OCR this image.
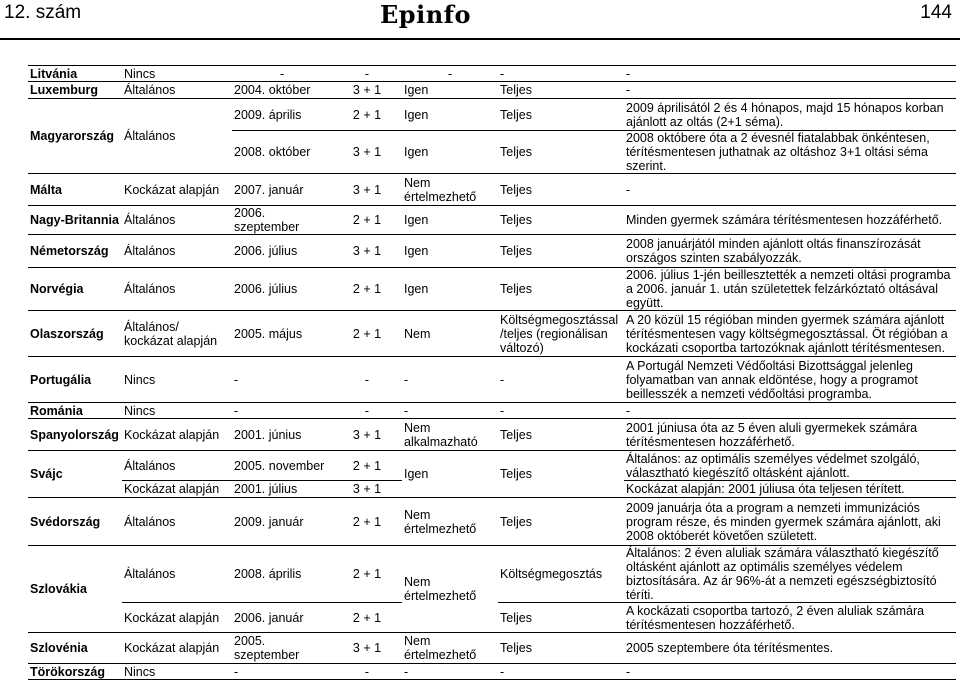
12. szám	Epinfo	144
Litvánia	Nincs	-	-	-	-	-
Luxemburg	Általános	2004. október	3 + 1	Igen	Teljes	-
Magyarország	Általános	2009. április	2 + 1	Igen	Teljes	2009 áprilisától 2 és 4 hónapos, majd 15 hónapos korban ajánlott az oltás (2+1 séma).
		2008. október	3 + 1	Igen	Teljes	2008 októbere óta a 2 évesnél fiatalabbak önkéntesen, térítésmentesen juthatnak az oltáshoz 3+1 oltási séma szerint.
Málta	Kockázat alapján	2007. január	3 + 1	Nem értelmezhető	Teljes	-
Nagy-Britannia	Általános	2006. szeptember	2 + 1	Igen	Teljes	Minden gyermek számára térítésmentesen hozzáférhető.
Németország	Általános	2006. július	3 + 1	Igen	Teljes	2008 januárjától minden ajánlott oltás finanszírozását országos szinten szabályozzák.
Norvégia	Általános	2006. július	2 + 1	Igen	Teljes	2006. július 1-jén beillesztették a nemzeti oltási programba a 2006. január 1. után születettek felzárkóztató oltásával együtt.
Olaszország	Általános/ kockázat alapján	2005. május	2 + 1	Nem	Költségmegosztással /teljes (regionálisan változó)	A 20 közül 15 régióban minden gyermek számára ajánlott térítésmentesen vagy költségmegosztással. Öt régióban a kockázati csoportba tartozóknak ajánlott térítésmentesen.
Portugália	Nincs	-	-	-	-	A Portugál Nemzeti Védőoltási Bizottsággal jelenleg folyamatban van annak eldöntése, hogy a programot beillesszék a nemzeti védőoltási programba.
Románia	Nincs	-	-	-	-	-
Spanyolország	Kockázat alapján	2001. június	3 + 1	Nem alkalmazható	Teljes	2001 júniusa óta az 5 éven aluli gyermekek számára térítésmentesen hozzáférhető.
Svájc	Általános	2005. november	2 + 1	Igen	Teljes	Általános: az optimális személyes védelmet szolgáló, választható kiegészítő oltásként ajánlott.
	Kockázat alapján	2001. július	3 + 1			Kockázat alapján: 2001 júliusa óta teljesen térített.
Svédország	Általános	2009. január	2 + 1	Nem értelmezhető	Teljes	2009 januárja óta a program a nemzeti immunizációs program része, és minden gyermek számára ajánlott, aki 2008 októberét követően született.
Szlovákia	Általános	2008. április	2 + 1	Nem értelmezhető	Költségmegosztás	Általános: 2 éven aluliak számára választható kiegészítő oltásként ajánlott az optimális személyes védelem biztosítására. Az ár 96%-át a nemzeti egészségbiztosító téríti.
	Kockázat alapján	2006. január	2 + 1		Teljes	A kockázati csoportba tartozó, 2 éven aluliak számára térítésmentesen hozzáférhető.
Szlovénia	Kockázat alapján	2005. szeptember	3 + 1	Nem értelmezhető	Teljes	2005 szeptembere óta térítésmentes.
Törökország	Nincs	-	-	-	-	-
